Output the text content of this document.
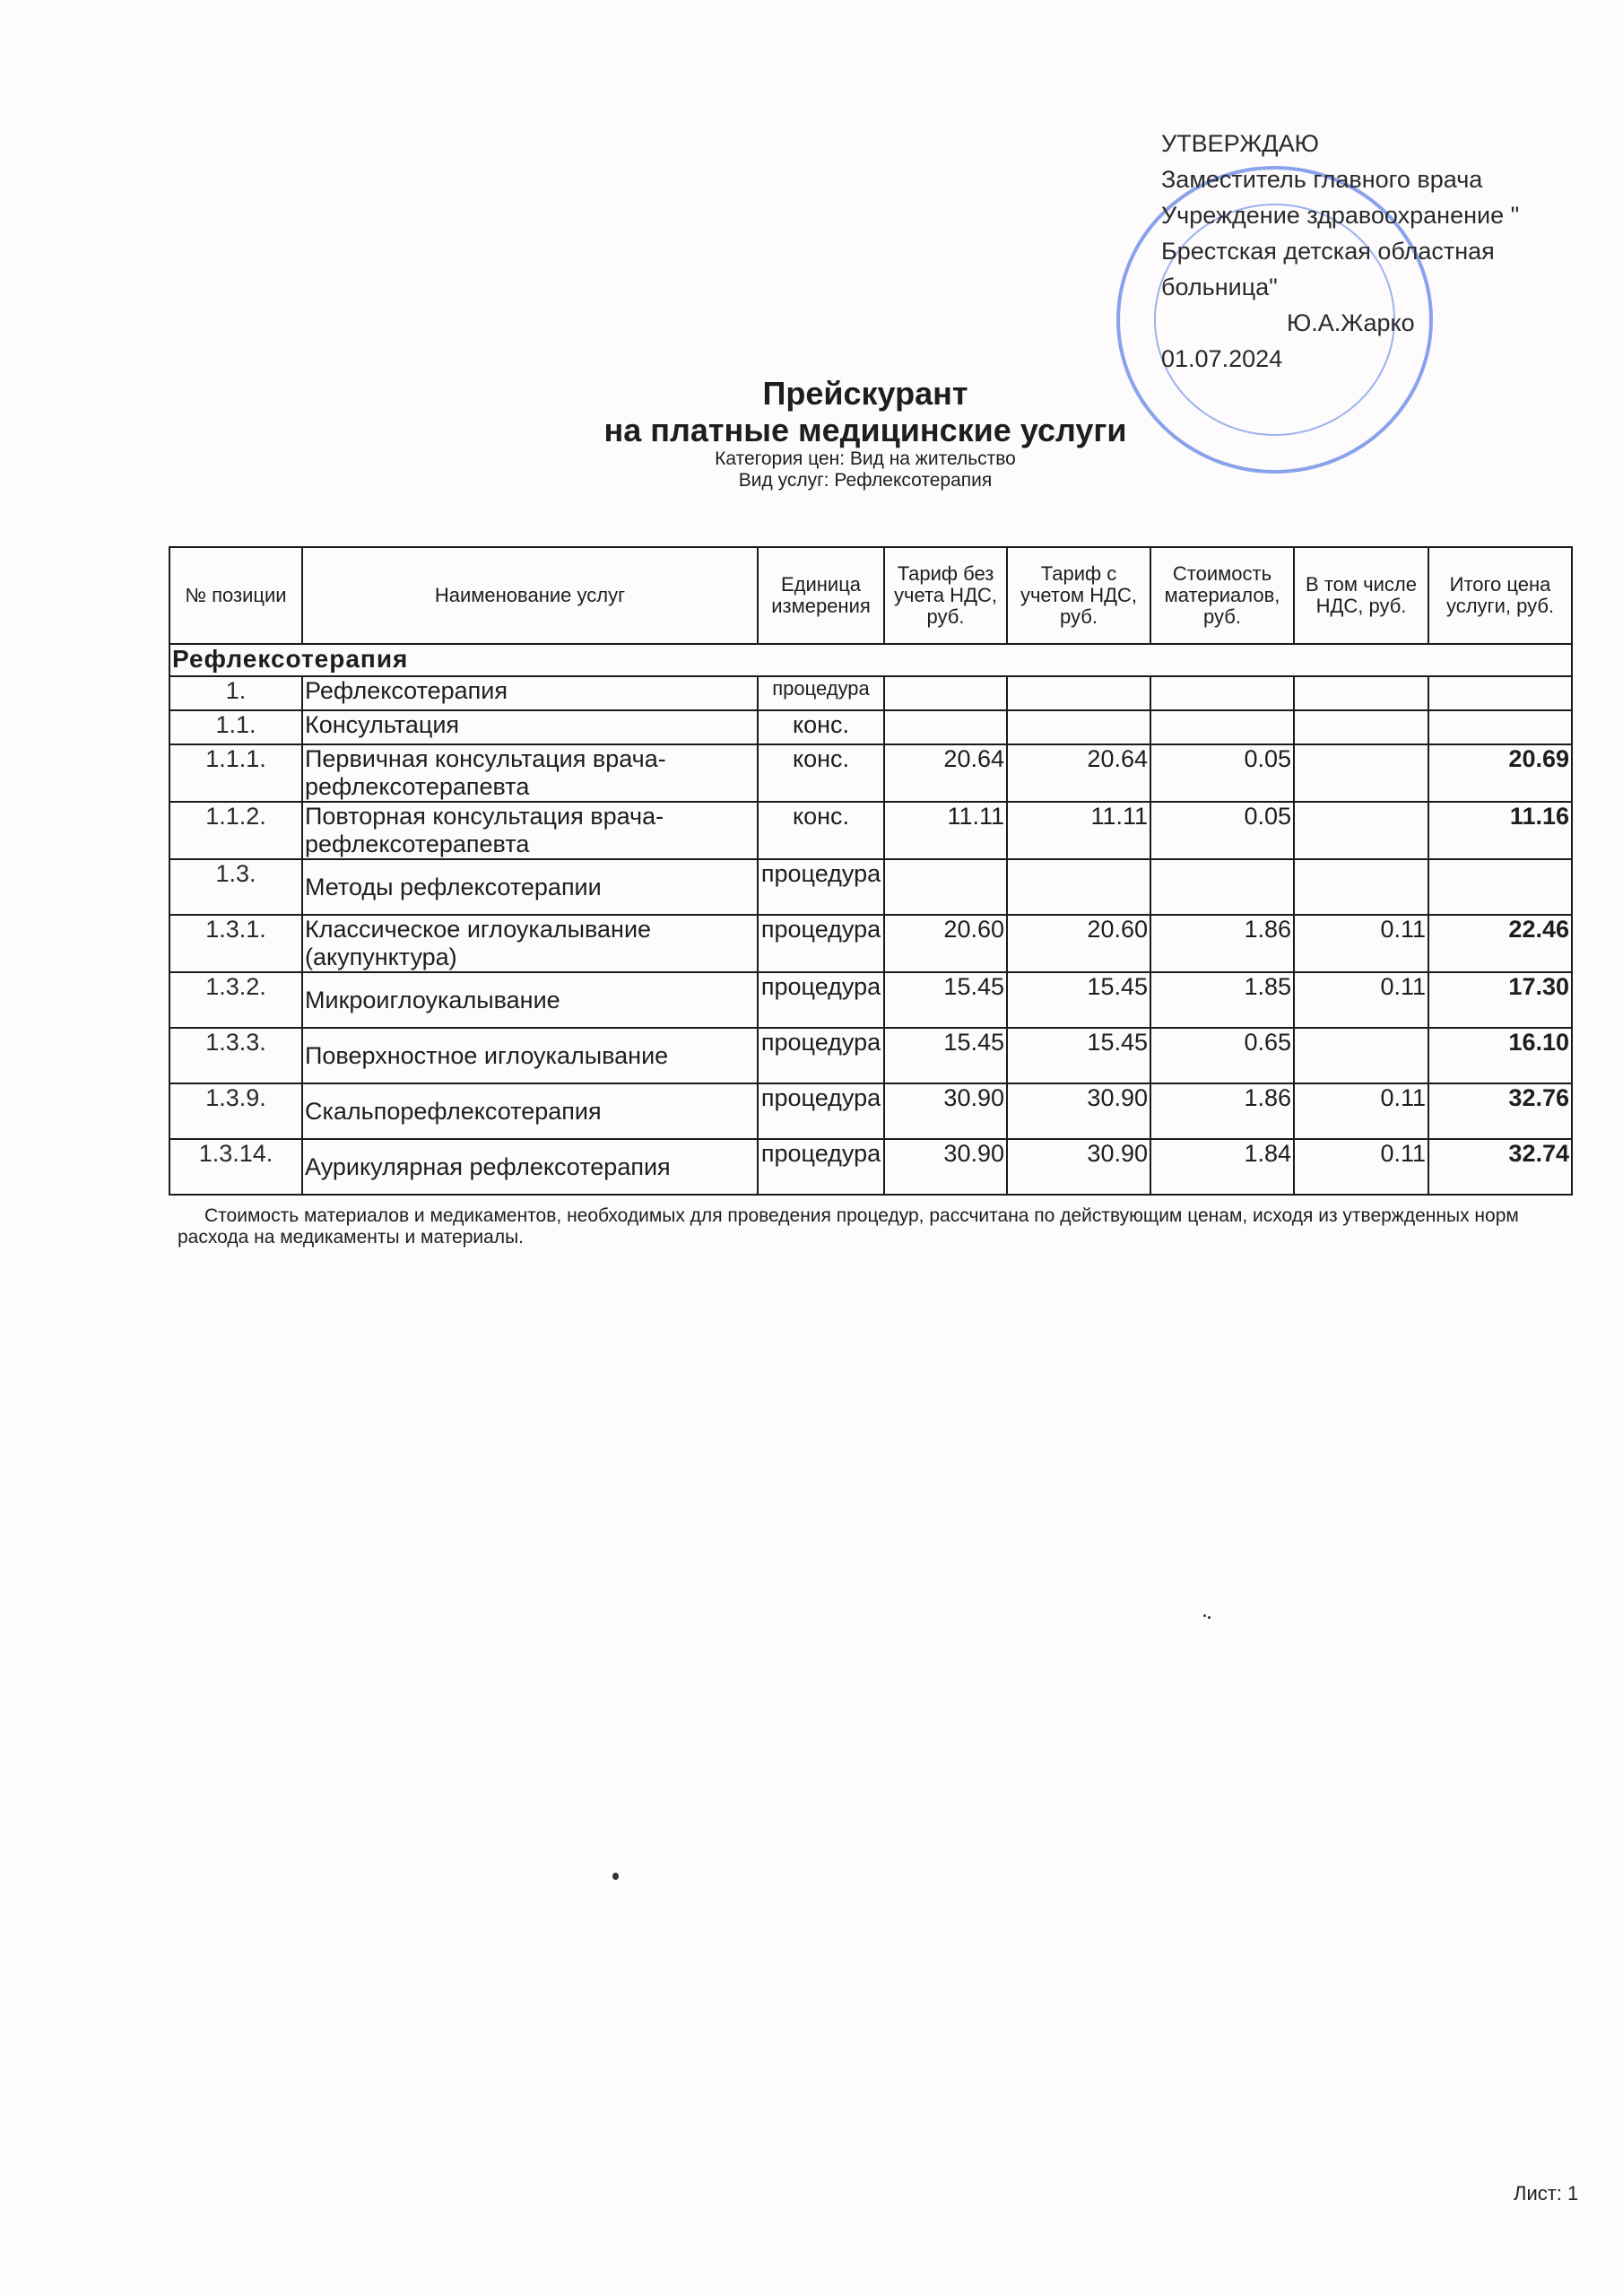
УТВЕРЖДАЮ
Заместитель главного врача
Учреждение здравоохранение "
Брестская детская областная
больница"
Ю.А.Жарко
01.07.2024
Прейскурант
на платные медицинские услуги
Категория цен: Вид на жительство
Вид услуг: Рефлексотерапия
№ позиции	Наименование услуг	Единица измерения	Тариф без учета НДС, руб.	Тариф с учетом НДС, руб.	Стоимость материалов, руб.	В том числе НДС, руб.	Итого цена услуги, руб.
Рефлексотерапия							
1.	Рефлексотерапия	процедура					
1.1.	Консультация	конс.					
1.1.1.	Первичная консультация врача-рефлексотерапевта	конс.	20.64	20.64	0.05		20.69
1.1.2.	Повторная консультация врача-рефлексотерапевта	конс.	11.11	11.11	0.05		11.16
1.3.	Методы рефлексотерапии	процедура					
1.3.1.	Классическое иглоукалывание (акупунктура)	процедура	20.60	20.60	1.86	0.11	22.46
1.3.2.	Микроиглоукалывание	процедура	15.45	15.45	1.85	0.11	17.30
1.3.3.	Поверхностное иглоукалывание	процедура	15.45	15.45	0.65		16.10
1.3.9.	Скальпорефлексотерапия	процедура	30.90	30.90	1.86	0.11	32.76
1.3.14.	Аурикулярная рефлексотерапия	процедура	30.90	30.90	1.84	0.11	32.74
Стоимость материалов и медикаментов, необходимых для проведения процедур, рассчитана по действующим ценам, исходя из утвержденных норм расхода на медикаменты и материалы.
Лист: 1
